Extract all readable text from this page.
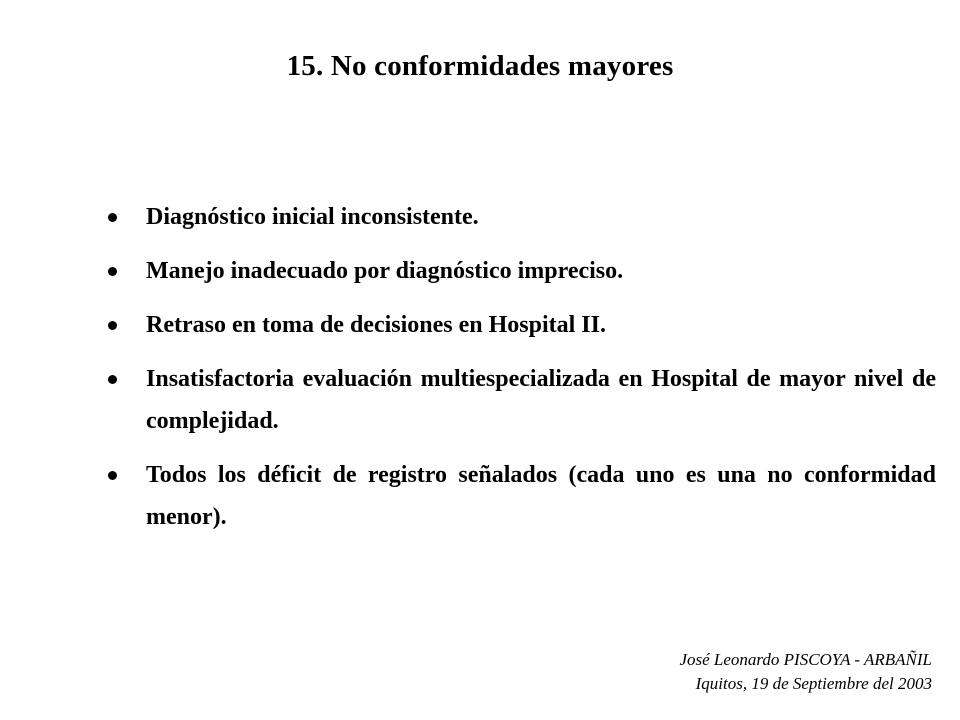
15. No conformidades mayores
Diagnóstico inicial inconsistente.
Manejo inadecuado por diagnóstico impreciso.
Retraso en toma de decisiones en Hospital II.
Insatisfactoria evaluación multiespecializada en Hospital de mayor nivel de complejidad.
Todos los déficit de registro señalados (cada uno es una no conformidad menor).
José Leonardo PISCOYA - ARBAÑIL
Iquitos, 19 de Septiembre del 2003
